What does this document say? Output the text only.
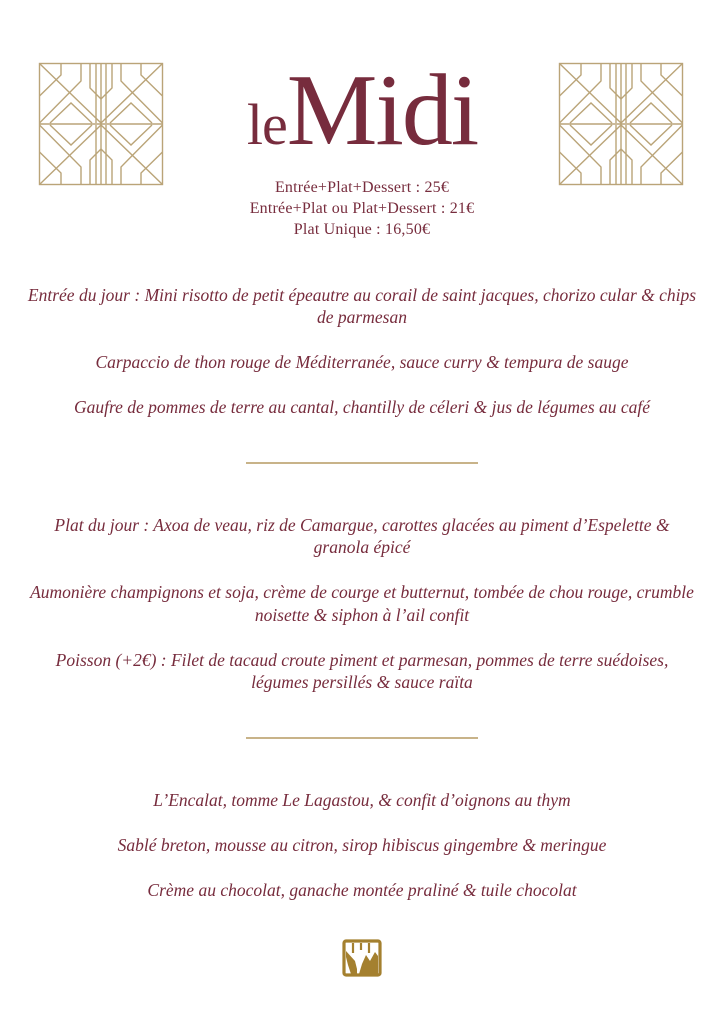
leMidi

Entrée+Plat+Dessert : 25€

Entrée+Plat ou Plat+Dessert : 21€

Plat Unique : 16,50€

Entrée du jour : Mini risotto de petit épeautre au corail de saint jacques, chorizo cular & chips de parmesan

Carpaccio de thon rouge de Méditerranée, sauce curry & tempura de sauge

Gaufre de pommes de terre au cantal, chantilly de céleri & jus de légumes au café

Plat du jour : Axoa de veau, riz de Camargue, carottes glacées au piment d’Espelette & granola épicé

Aumonière champignons et soja, crème de courge et butternut, tombée de chou rouge, crumble noisette & siphon à l’ail confit

Poisson (+2€) : Filet de tacaud croute piment et parmesan, pommes de terre suédoises, légumes persillés & sauce raïta

L’Encalat, tomme Le Lagastou, & confit d’oignons au thym

Sablé breton, mousse au citron, sirop hibiscus gingembre & meringue

Crème au chocolat, ganache montée praliné & tuile chocolat
